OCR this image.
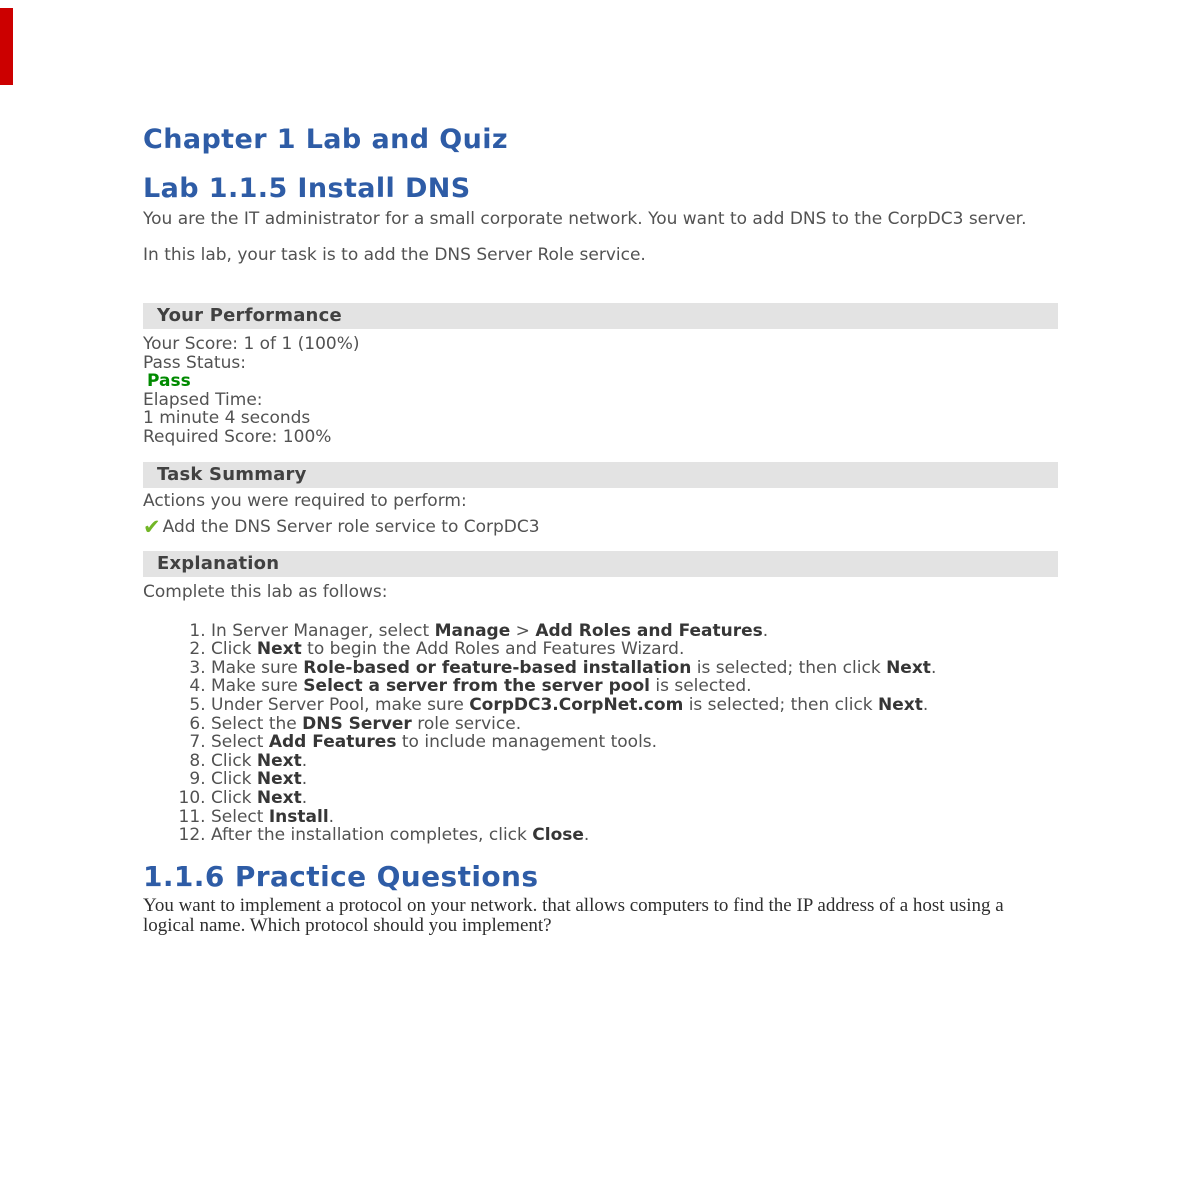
Chapter 1 Lab and Quiz
Lab 1.1.5 Install DNS

You are the IT administrator for a small corporate network. You want to add DNS to the CorpDC3 server.

In this lab, your task is to add the DNS Server Role service.

Your Performance
Your Score: 1 of 1 (100%)
Pass Status:
Pass
Elapsed Time:
1 minute 4 seconds
Required Score: 100%
Task Summary
Actions you were required to perform:
✔ Add the DNS Server role service to CorpDC3
Explanation
Complete this lab as follows:
1. In Server Manager, select Manage > Add Roles and Features.
2. Click Next to begin the Add Roles and Features Wizard.
3. Make sure Role-based or feature-based installation is selected; then click Next.
4. Make sure Select a server from the server pool is selected.
5. Under Server Pool, make sure CorpDC3.CorpNet.com is selected; then click Next.
6. Select the DNS Server role service.
7. Select Add Features to include management tools.
8. Click Next.
9. Click Next.
10. Click Next.
11. Select Install.
12. After the installation completes, click Close.
1.1.6 Practice Questions

You want to implement a protocol on your network. that allows computers to find the IP address of a host using a logical name. Which protocol should you implement?
